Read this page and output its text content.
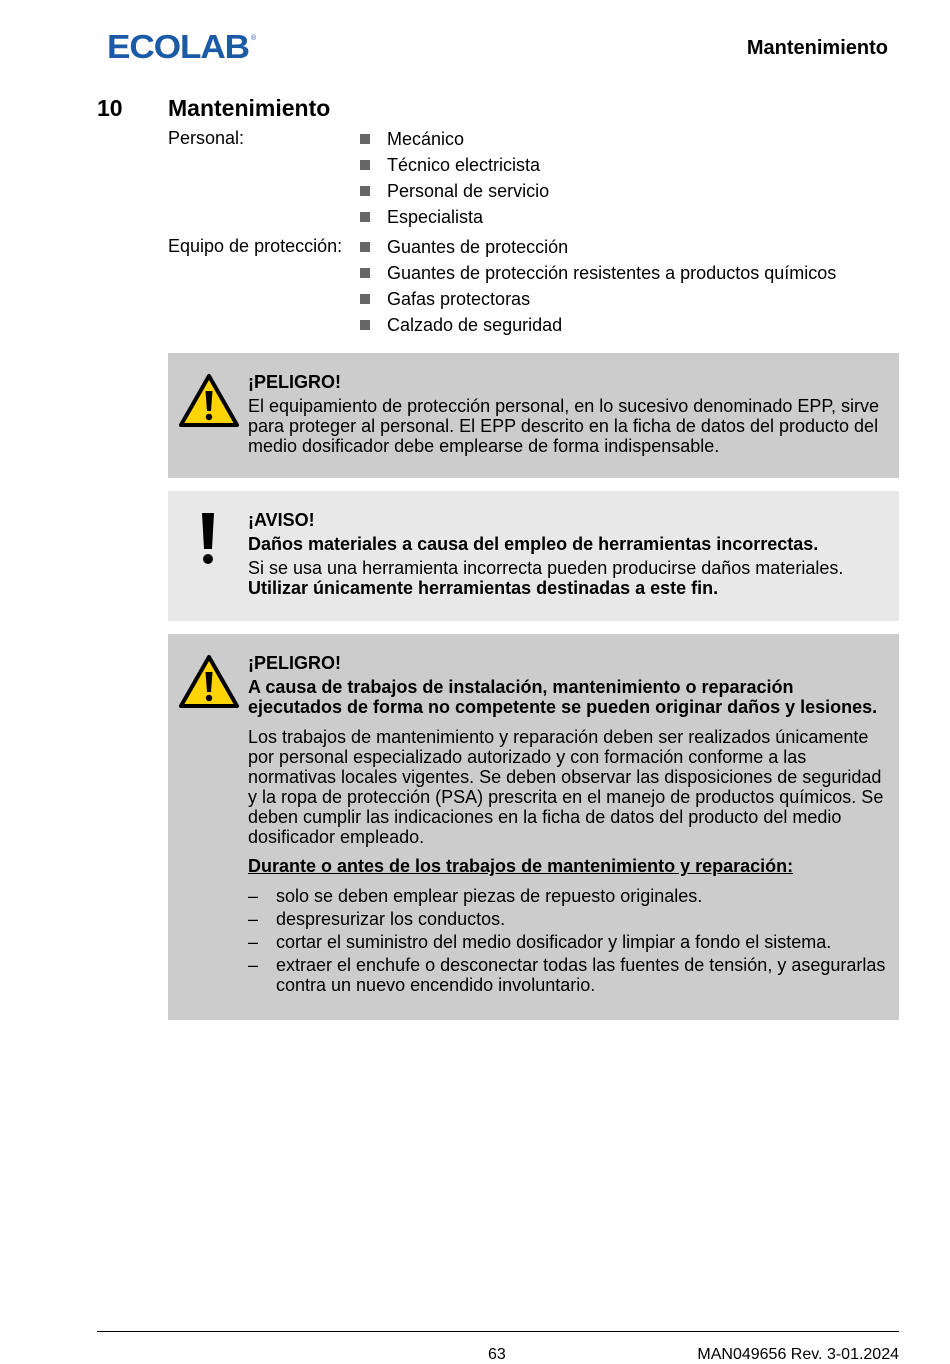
ECOLAB ®	Mantenimiento
10 Mantenimiento
Personal:	Mecánico
Técnico electricista
Personal de servicio
Especialista
Equipo de protección: Guantes de protección
Guantes de protección resistentes a productos químicos
Gafas protectoras
Calzado de seguridad
¡PELIGRO!
El equipamiento de protección personal, en lo sucesivo denominado EPP, sirve para proteger al personal. El EPP descrito en la ficha de datos del producto del medio dosificador debe emplearse de forma indispensable.
¡AVISO!
Daños materiales a causa del empleo de herramientas incorrectas.
Si se usa una herramienta incorrecta pueden producirse daños materiales.
Utilizar únicamente herramientas destinadas a este fin.
¡PELIGRO!
A causa de trabajos de instalación, mantenimiento o reparación ejecutados de forma no competente se pueden originar daños y lesiones.
Los trabajos de mantenimiento y reparación deben ser realizados únicamente por personal especializado autorizado y con formación conforme a las normativas locales vigentes. Se deben observar las disposiciones de seguridad y la ropa de protección (PSA) prescrita en el manejo de productos químicos. Se deben cumplir las indicaciones en la ficha de datos del producto del medio dosificador empleado.
Durante o antes de los trabajos de mantenimiento y reparación:
– solo se deben emplear piezas de repuesto originales.
– despresurizar los conductos.
– cortar el suministro del medio dosificador y limpiar a fondo el sistema.
– extraer el enchufe o desconectar todas las fuentes de tensión, y asegurarlas contra un nuevo encendido involuntario.
63	MAN049656 Rev. 3-01.2024
